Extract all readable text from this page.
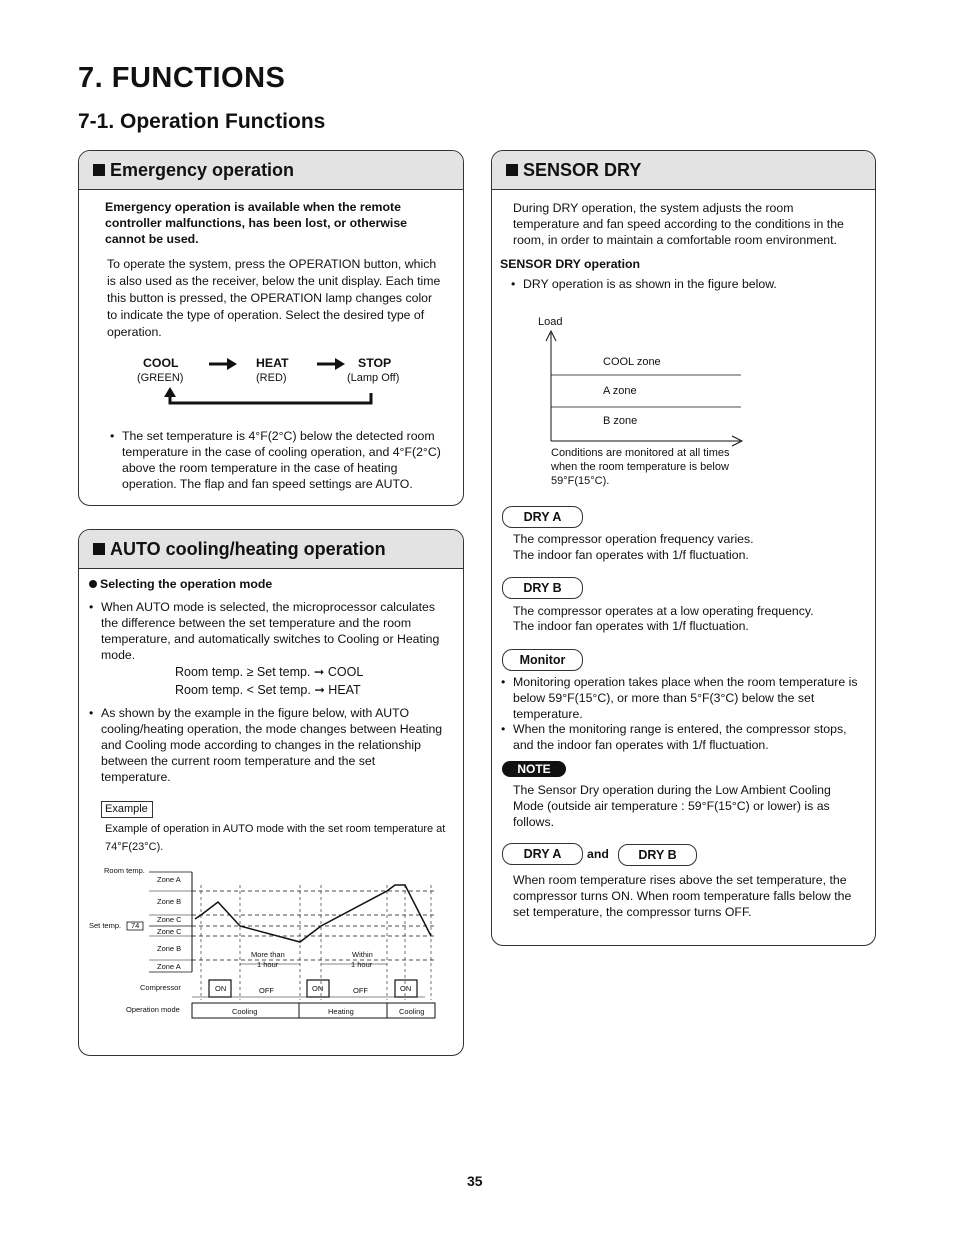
7. FUNCTIONS
7-1. Operation Functions
Emergency operation
Emergency operation is available when the remote controller malfunctions, has been lost, or otherwise cannot be used.
To operate the system, press the OPERATION button, which is also used as the receiver, below the unit display. Each time this button is pressed, the OPERATION lamp changes color to indicate the type of operation. Select the desired type of operation.
COOL
(GREEN)
HEAT
(RED)
STOP
(Lamp Off)
• The set temperature is 4°F(2°C) below the detected room temperature in the case of cooling operation, and 4°F(2°C) above the room temperature in the case of heating operation. The flap and fan speed settings are AUTO.
AUTO cooling/heating operation
Selecting the operation mode
• When AUTO mode is selected, the microprocessor calculates the difference between the set temperature and the room temperature, and automatically switches to Cooling or Heating mode.
Room temp. ≥ Set temp. ➞ COOL
Room temp. < Set temp. ➞ HEAT
• As shown by the example in the figure below, with AUTO cooling/heating operation, the mode changes between Heating and Cooling mode according to changes in the relationship between the current room temperature and the set temperature.
Example
Example of operation in AUTO mode with the set room temperature at 74°F(23°C).
Room temp.
Set temp. 74
Zone A
Zone B
Zone C
Zone C
Zone B
Zone A
More than
1 hour
Within
1 hour
Compressor	ON	OFF	ON	OFF	ON
Operation mode	Cooling	Heating	Cooling
SENSOR DRY
During DRY operation, the system adjusts the room temperature and fan speed according to the conditions in the room, in order to maintain a comfortable room environment.
SENSOR DRY operation
• DRY operation is as shown in the figure below.
Load
COOL zone
A zone
B zone
Conditions are monitored at all times when the room temperature is below 59°F(15°C).
DRY A
The compressor operation frequency varies.
The indoor fan operates with 1/f fluctuation.
DRY B
The compressor operates at a low operating frequency.
The indoor fan operates with 1/f fluctuation.
Monitor
• Monitoring operation takes place when the room temperature is below 59°F(15°C), or more than 5°F(3°C) below the set temperature.
• When the monitoring range is entered, the compressor stops, and the indoor fan operates with 1/f fluctuation.
NOTE
The Sensor Dry operation during the Low Ambient Cooling Mode (outside air temperature : 59°F(15°C) or lower) is as follows.
DRY A	and	DRY B
When room temperature rises above the set temperature, the compressor turns ON. When room temperature falls below the set temperature, the compressor turns OFF.
35
